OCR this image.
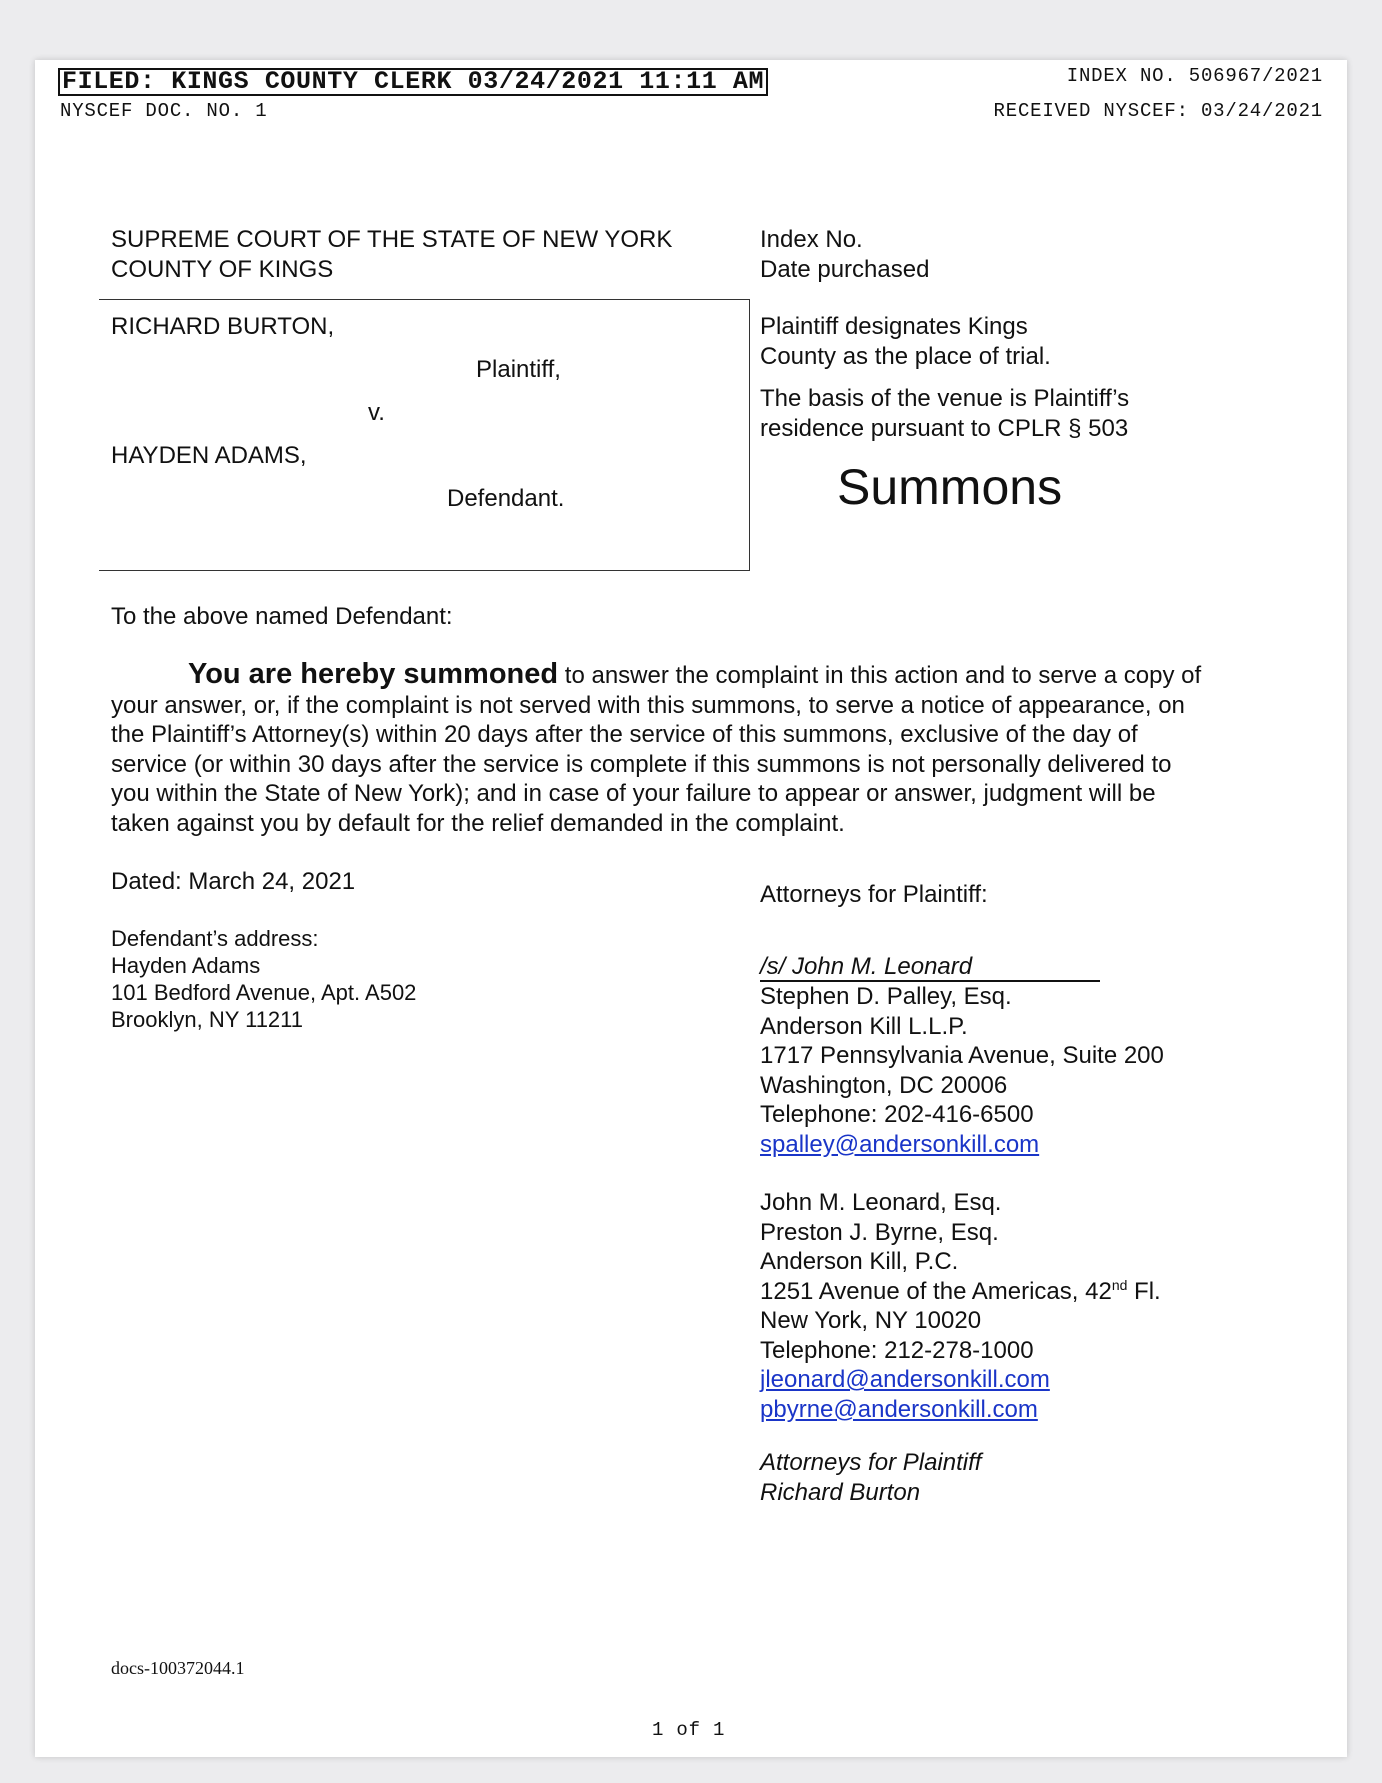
FILED: KINGS COUNTY CLERK 03/24/2021 11:11 AM	INDEX NO. 506967/2021
NYSCEF DOC. NO. 1	RECEIVED NYSCEF: 03/24/2021
SUPREME COURT OF THE STATE OF NEW YORK
COUNTY OF KINGS
RICHARD BURTON,
Plaintiff,
v.
HAYDEN ADAMS,
Defendant.
Index No.
Date purchased
Plaintiff designates Kings
County as the place of trial.
The basis of the venue is Plaintiff’s
residence pursuant to CPLR § 503
Summons
To the above named Defendant:
You are hereby summoned to answer the complaint in this action and to serve a copy of
your answer, or, if the complaint is not served with this summons, to serve a notice of appearance, on
the Plaintiff’s Attorney(s) within 20 days after the service of this summons, exclusive of the day of
service (or within 30 days after the service is complete if this summons is not personally delivered to
you within the State of New York); and in case of your failure to appear or answer, judgment will be
taken against you by default for the relief demanded in the complaint.
Dated: March 24, 2021
Defendant’s address:
Hayden Adams
101 Bedford Avenue, Apt. A502
Brooklyn, NY 11211
Attorneys for Plaintiff:
/s/ John M. Leonard
Stephen D. Palley, Esq.
Anderson Kill L.L.P.
1717 Pennsylvania Avenue, Suite 200
Washington, DC 20006
Telephone: 202-416-6500
spalley@andersonkill.com
John M. Leonard, Esq.
Preston J. Byrne, Esq.
Anderson Kill, P.C.
1251 Avenue of the Americas, 42nd Fl.
New York, NY 10020
Telephone: 212-278-1000
jleonard@andersonkill.com
pbyrne@andersonkill.com
Attorneys for Plaintiff
Richard Burton
docs-100372044.1
1 of 1
